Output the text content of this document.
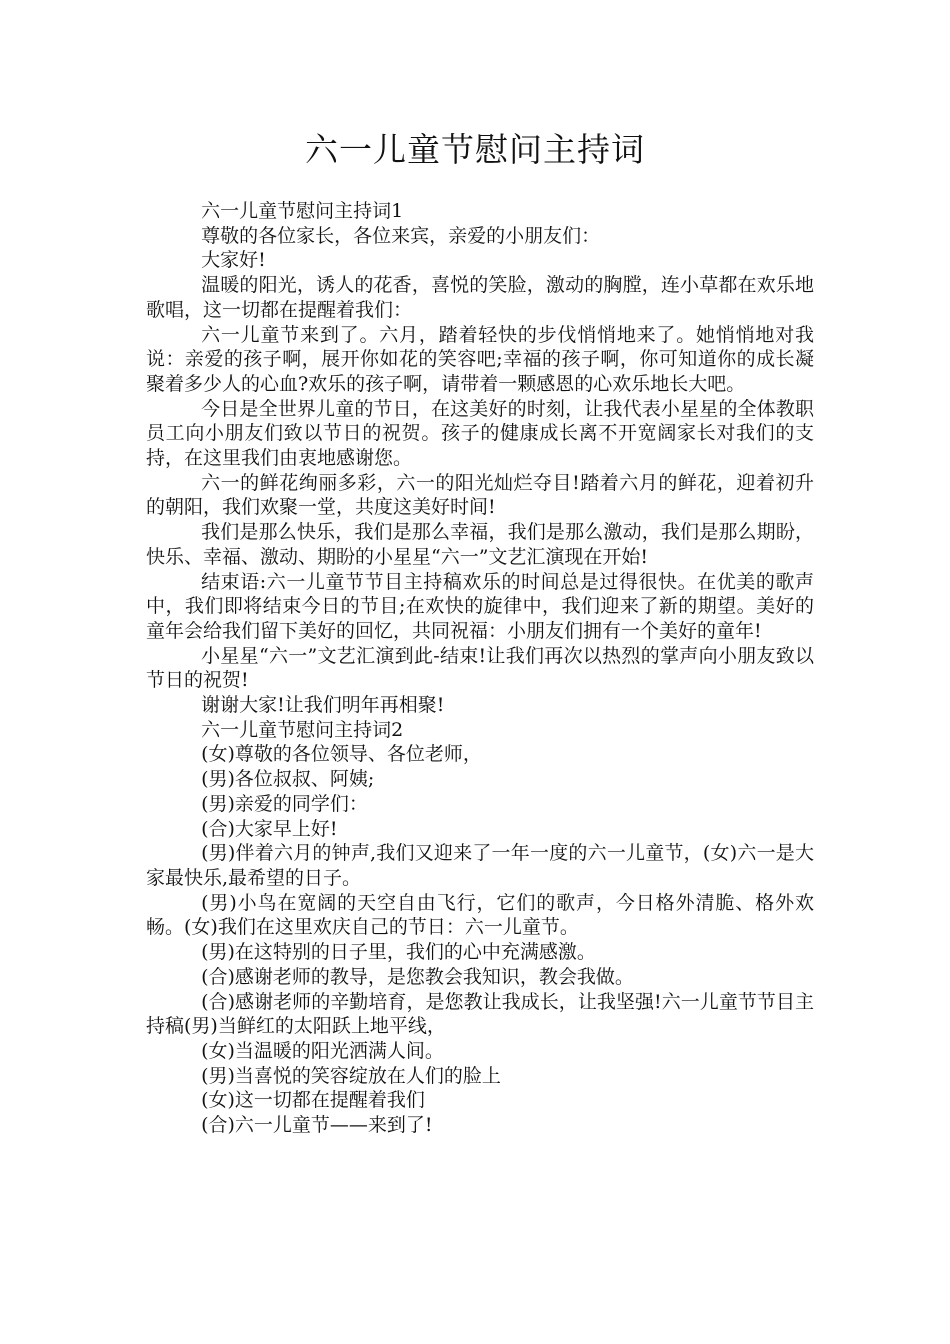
六一儿童节慰问主持词

六一儿童节慰问主持词1

尊敬的各位家长，各位来宾，亲爱的小朋友们：

大家好!

温暖的阳光，诱人的花香，喜悦的笑脸，激动的胸膛，连小草都在欢乐地歌唱，这一切都在提醒着我们：

六一儿童节来到了。六月，踏着轻快的步伐悄悄地来了。她悄悄地对我说：亲爱的孩子啊，展开你如花的笑容吧;幸福的孩子啊，你可知道你的成长凝聚着多少人的心血?欢乐的孩子啊，请带着一颗感恩的心欢乐地长大吧。

今日是全世界儿童的节日，在这美好的时刻，让我代表小星星的全体教职员工向小朋友们致以节日的祝贺。孩子的健康成长离不开宽阔家长对我们的支持，在这里我们由衷地感谢您。

六一的鲜花绚丽多彩，六一的阳光灿烂夺目!踏着六月的鲜花，迎着初升的朝阳，我们欢聚一堂，共度这美好时间!

我们是那么快乐，我们是那么幸福，我们是那么激动，我们是那么期盼，快乐、幸福、激动、期盼的小星星“六一”文艺汇演现在开始!

结束语:六一儿童节节目主持稿欢乐的时间总是过得很快。在优美的歌声中，我们即将结束今日的节目;在欢快的旋律中，我们迎来了新的期望。美好的童年会给我们留下美好的回忆，共同祝福：小朋友们拥有一个美好的童年!

小星星“六一”文艺汇演到此-结束!让我们再次以热烈的掌声向小朋友致以节日的祝贺!

谢谢大家!让我们明年再相聚!

六一儿童节慰问主持词2

(女)尊敬的各位领导、各位老师，

(男)各位叔叔、阿姨;

(男)亲爱的同学们：

(合)大家早上好!

(男)伴着六月的钟声,我们又迎来了一年一度的六一儿童节，(女)六一是大家最快乐,最希望的日子。

(男)小鸟在宽阔的天空自由飞行，它们的歌声，今日格外清脆、格外欢畅。(女)我们在这里欢庆自己的节日：六一儿童节。

(男)在这特别的日子里，我们的心中充满感激。

(合)感谢老师的教导，是您教会我知识，教会我做。

(合)感谢老师的辛勤培育，是您教让我成长，让我坚强!六一儿童节节目主持稿(男)当鲜红的太阳跃上地平线，

(女)当温暖的阳光洒满人间。

(男)当喜悦的笑容绽放在人们的脸上

(女)这一切都在提醒着我们

(合)六一儿童节——来到了!
